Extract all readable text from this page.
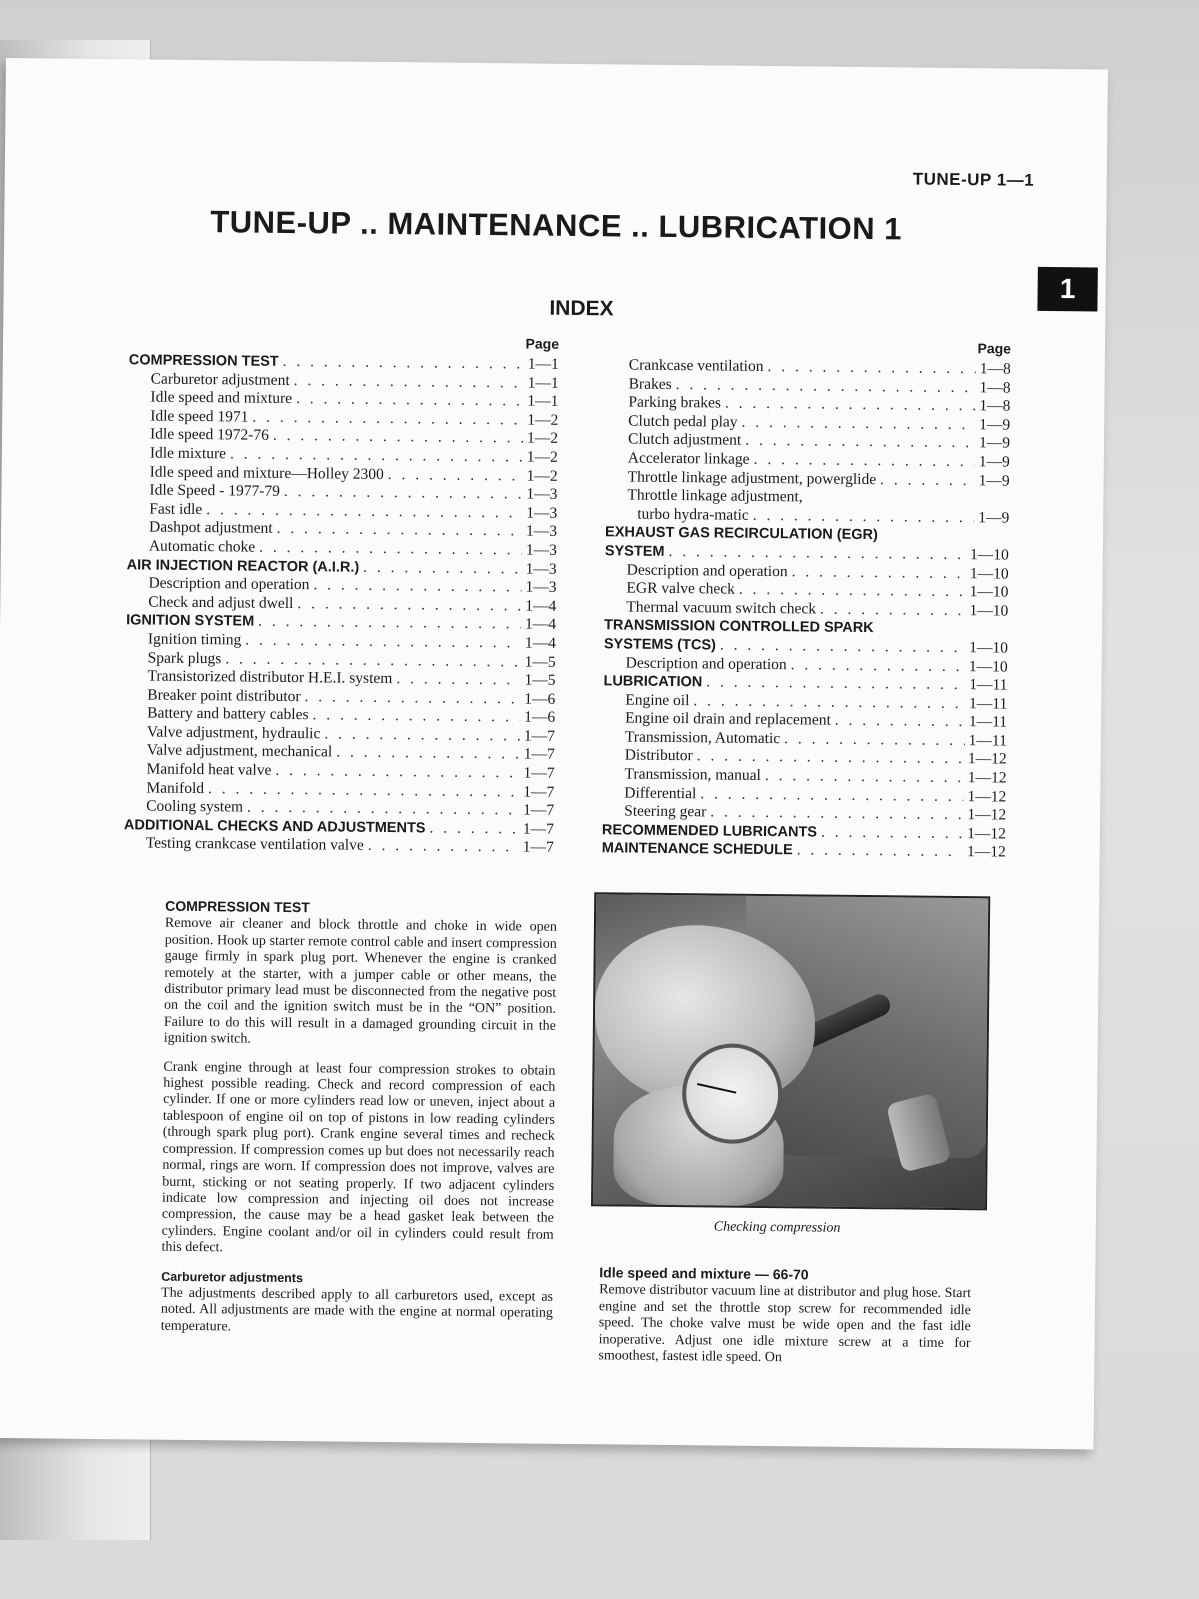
TUNE-UP 1—1
TUNE-UP .. MAINTENANCE .. LUBRICATION 1
1
INDEX
Page
COMPRESSION TEST . . .	1—1
Carburetor adjustment . . .	1—1
Idle speed and mixture . . .	1—1
Idle speed 1971 . . .	1—2
Idle speed 1972-76 . . .	1—2
Idle mixture . . .	1—2
Idle speed and mixture—Holley 2300 . . .	1—2
Idle Speed - 1977-79 . . .	1—3
Fast idle . . .	1—3
Dashpot adjustment . . .	1—3
Automatic choke . . .	1—3
AIR INJECTION REACTOR (A.I.R.) . . .	1—3
Description and operation . . .	1—3
Check and adjust dwell . . .	1—4
IGNITION SYSTEM . . .	1—4
Ignition timing . . .	1—4
Spark plugs . . .	1—5
Transistorized distributor H.E.I. system . . .	1—5
Breaker point distributor . . .	1—6
Battery and battery cables . . .	1—6
Valve adjustment, hydraulic . . .	1—7
Valve adjustment, mechanical . . .	1—7
Manifold heat valve . . .	1—7
Manifold . . .	1—7
Cooling system . . .	1—7
ADDITIONAL CHECKS AND ADJUSTMENTS . . .	1—7
Testing crankcase ventilation valve . . .	1—7
Page
Crankcase ventilation . . .	1—8
Brakes . . .	1—8
Parking brakes . . .	1—8
Clutch pedal play . . .	1—9
Clutch adjustment . . .	1—9
Accelerator linkage . . .	1—9
Throttle linkage adjustment, powerglide . . .	1—9
Throttle linkage adjustment,
turbo hydra-matic . . .	1—9
EXHAUST GAS RECIRCULATION (EGR)
SYSTEM . . .	1—10
Description and operation . . .	1—10
EGR valve check . . .	1—10
Thermal vacuum switch check . . .	1—10
TRANSMISSION CONTROLLED SPARK
SYSTEMS (TCS) . . .	1—10
Description and operation . . .	1—10
LUBRICATION . . .	1—11
Engine oil . . .	1—11
Engine oil drain and replacement . . .	1—11
Transmission, Automatic . . .	1—11
Distributor . . .	1—12
Transmission, manual . . .	1—12
Differential . . .	1—12
Steering gear . . .	1—12
RECOMMENDED LUBRICANTS . . .	1—12
MAINTENANCE SCHEDULE . . .	1—12
COMPRESSION TEST

Remove air cleaner and block throttle and choke in wide open position. Hook up starter remote control cable and insert compression gauge firmly in spark plug port. Whenever the engine is cranked remotely at the starter, with a jumper cable or other means, the distributor primary lead must be disconnected from the negative post on the coil and the ignition switch must be in the “ON” position. Failure to do this will result in a damaged grounding circuit in the ignition switch.

Crank engine through at least four compression strokes to obtain highest possible reading. Check and record compression of each cylinder. If one or more cylinders read low or uneven, inject about a tablespoon of engine oil on top of pistons in low reading cylinders (through spark plug port). Crank engine several times and recheck compression. If compression comes up but does not necessarily reach normal, rings are worn. If compression does not improve, valves are burnt, sticking or not seating properly. If two adjacent cylinders indicate low compression and injecting oil does not increase compression, the cause may be a head gasket leak between the cylinders. Engine coolant and/or oil in cylinders could result from this defect.

Carburetor adjustments

The adjustments described apply to all carburetors used, except as noted. All adjustments are made with the engine at normal operating temperature.

Checking compression
Idle speed and mixture — 66-70

Remove distributor vacuum line at distributor and plug hose. Start engine and set the throttle stop screw for recommended idle speed. The choke valve must be wide open and the fast idle inoperative. Adjust one idle mixture screw at a time for smoothest, fastest idle speed. On
